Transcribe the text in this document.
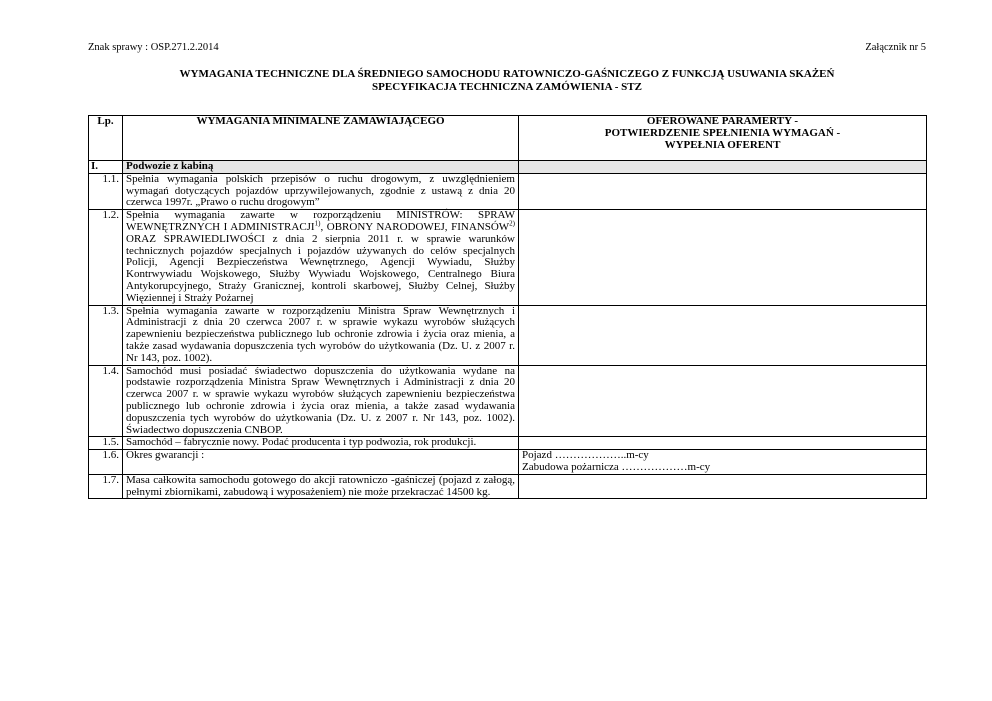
Znak sprawy : OSP.271.2.2014	Załącznik nr 5
WYMAGANIA TECHNICZNE DLA ŚREDNIEGO SAMOCHODU RATOWNICZO-GAŚNICZEGO Z FUNKCJĄ USUWANIA SKAŻEŃ
SPECYFIKACJA TECHNICZNA ZAMÓWIENIA - STZ
Lp.	WYMAGANIA MINIMALNE ZAMAWIAJĄCEGO	OFEROWANE PARAMERTY -
POTWIERDZENIE SPEŁNIENIA WYMAGAŃ -
WYPEŁNIA OFERENT

I.	Podwozie z kabiną	
1.1.	Spełnia wymagania polskich przepisów o ruchu drogowym, z uwzględnieniem wymagań dotyczących pojazdów uprzywilejowanych, zgodnie z ustawą z dnia 20 czerwca 1997r. „Prawo o ruchu drogowym”	
1.2.	Spełnia wymagania zawarte w rozporządzeniu MINISTRÓW: SPRAW WEWNĘTRZNYCH I ADMINISTRACJI$^{1)}$, OBRONY NARODOWEJ, FINANSÓW$^{2)}$ ORAZ SPRAWIEDLIWOŚCI z dnia 2 sierpnia 2011 r. w sprawie warunków technicznych pojazdów specjalnych i pojazdów używanych do celów specjalnych Policji, Agencji Bezpieczeństwa Wewnętrznego, Agencji Wywiadu, Służby Kontrwywiadu Wojskowego, Służby Wywiadu Wojskowego, Centralnego Biura Antykorupcyjnego, Straży Granicznej, kontroli skarbowej, Służby Celnej, Służby Więziennej i Straży Pożarnej	
1.3.	Spełnia wymagania zawarte w rozporządzeniu Ministra Spraw Wewnętrznych i Administracji z dnia 20 czerwca 2007 r. w sprawie wykazu wyrobów służących zapewnieniu bezpieczeństwa publicznego lub ochronie zdrowia i życia oraz mienia, a także zasad wydawania dopuszczenia tych wyrobów do użytkowania (Dz. U. z 2007 r. Nr 143, poz. 1002).	
1.4.	Samochód musi posiadać świadectwo dopuszczenia do użytkowania wydane na podstawie rozporządzenia Ministra Spraw Wewnętrznych i Administracji z dnia 20 czerwca 2007 r. w sprawie wykazu wyrobów służących zapewnieniu bezpieczeństwa publicznego lub ochronie zdrowia i życia oraz mienia, a także zasad wydawania dopuszczenia tych wyrobów do użytkowania (Dz. U. z 2007 r. Nr 143, poz. 1002). Świadectwo dopuszczenia CNBOP.	
1.5.	Samochód – fabrycznie nowy. Podać producenta i typ podwozia, rok produkcji.	
1.6.	Okres gwarancji :	Pojazd ………………..m-cy
Zabudowa pożarnicza ………………m-cy

1.7.	Masa całkowita samochodu gotowego do akcji ratowniczo -gaśniczej (pojazd z załogą, pełnymi zbiornikami, zabudową i wyposażeniem) nie może przekraczać 14500 kg.	
